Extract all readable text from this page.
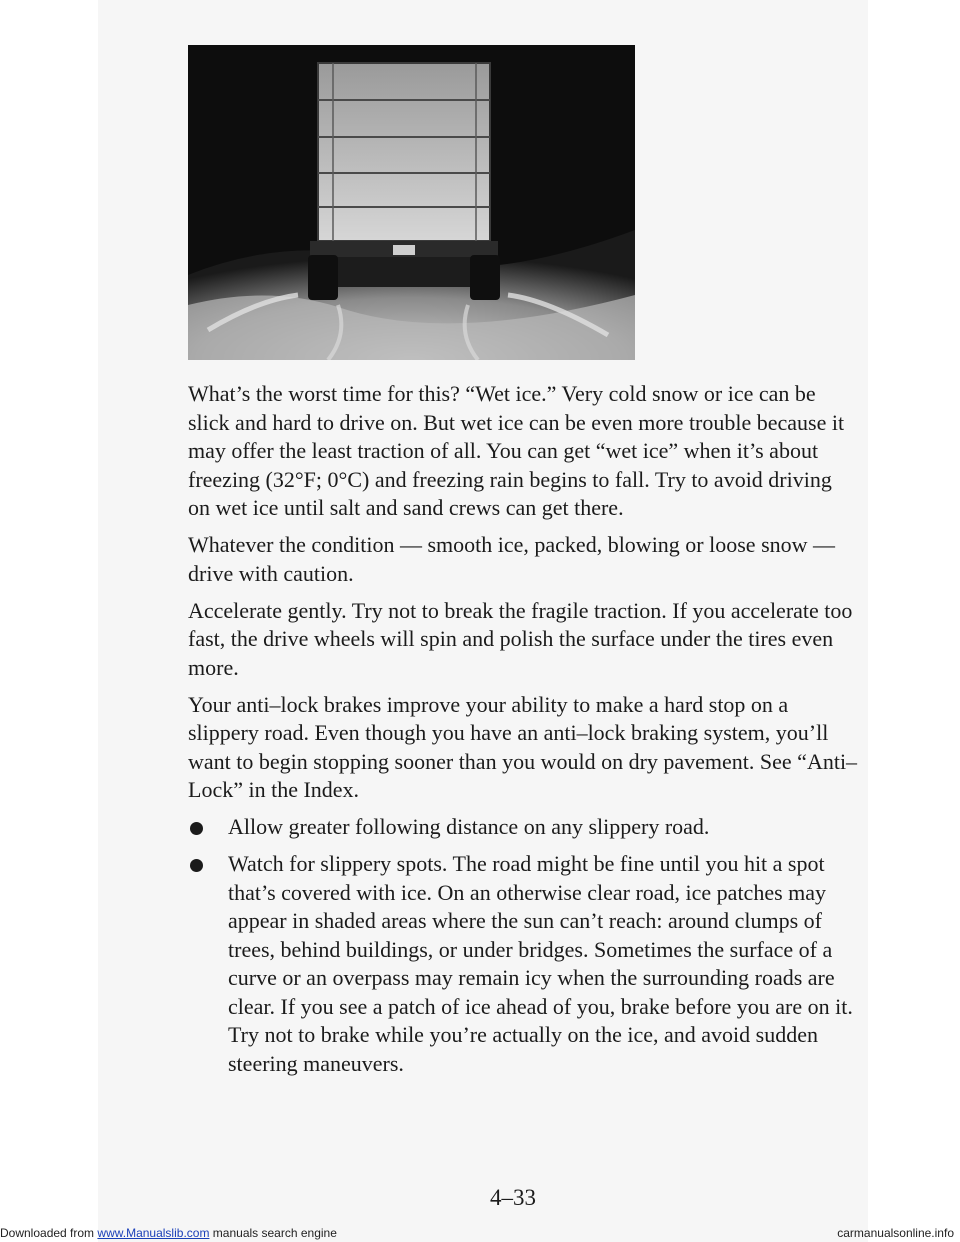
What’s the worst time for this? “Wet ice.” Very cold snow or ice can be slick and hard to drive on. But wet ice can be even more trouble because it may offer the least traction of all. You can get “wet ice” when it’s about freezing (32°F; 0°C) and freezing rain begins to fall. Try to avoid driving on wet ice until salt and sand crews can get there.

Whatever the condition — smooth ice, packed, blowing or loose snow — drive with caution.

Accelerate gently. Try not to break the fragile traction. If you accelerate too fast, the drive wheels will spin and polish the surface under the tires even more.

Your anti–lock brakes improve your ability to make a hard stop on a slippery road. Even though you have an anti–lock braking system, you’ll want to begin stopping sooner than you would on dry pavement. See “Anti–Lock” in the Index.

Allow greater following distance on any slippery road.
Watch for slippery spots. The road might be fine until you hit a spot that’s covered with ice. On an otherwise clear road, ice patches may appear in shaded areas where the sun can’t reach: around clumps of trees, behind buildings, or under bridges. Sometimes the surface of a curve or an overpass may remain icy when the surrounding roads are clear. If you see a patch of ice ahead of you, brake before you are on it. Try not to brake while you’re actually on the ice, and avoid sudden steering maneuvers.
4–33
Downloaded from www.Manualslib.com manuals search engine	carmanualsonline.info
